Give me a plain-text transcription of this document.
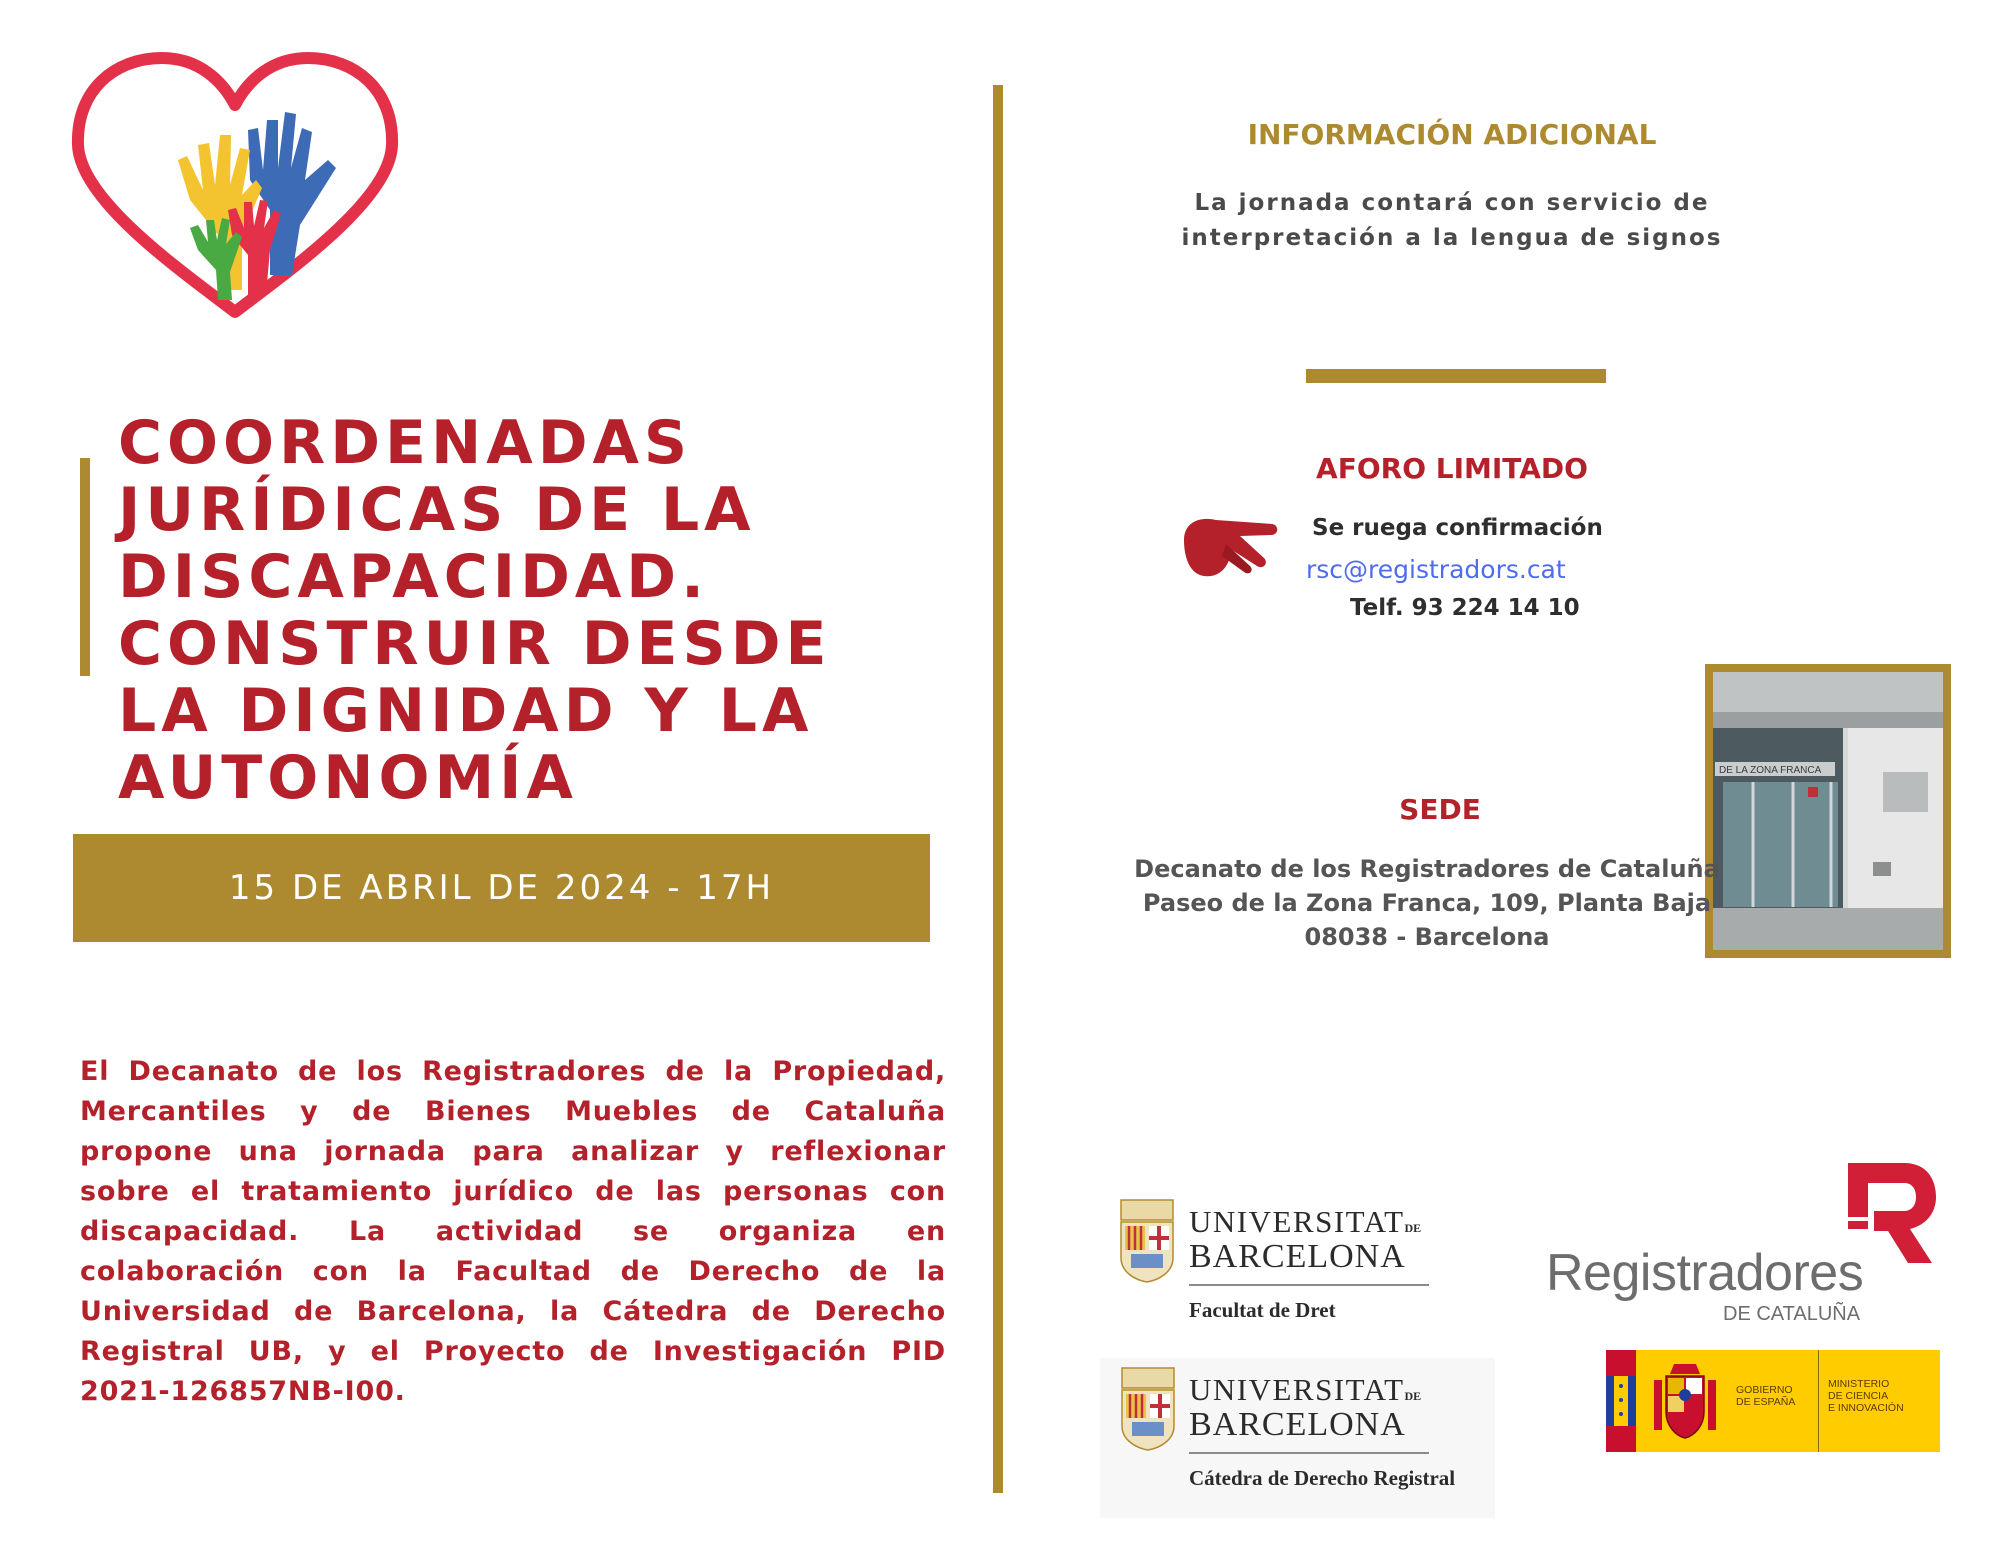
COORDENADAS
JURÍDICAS DE LA
DISCAPACIDAD.
CONSTRUIR DESDE
LA DIGNIDAD Y LA
AUTONOMÍA
15 DE ABRIL DE 2024 - 17H

El Decanato de los Registradores de la Propiedad, Mercantiles y de Bienes Muebles de Cataluña propone una jornada para analizar y reflexionar sobre el tratamiento jurídico de las personas con discapacidad. La actividad se organiza en colaboración con la Facultad de Derecho de la Universidad de Barcelona, la Cátedra de Derecho Registral UB, y el Proyecto de Investigación PID 2021-126857NB-I00.

INFORMACIÓN ADICIONAL
La jornada contará con servicio de
interpretación a la lengua de signos
AFORO LIMITADO

Se ruega confirmación

rsc@registradors.cat

Telf. 93 224 14 10

DE LA ZONA FRANCA
SEDE
Decanato de los Registradores de Cataluña
Paseo de la Zona Franca, 109, Planta Baja
08038 - Barcelona
UNIVERSITATDE
BARCELONA
Facultat de Dret
UNIVERSITATDE
BARCELONA
Cátedra de Derecho Registral
Registradores
DE CATALUÑA
GOBIERNO
DE ESPAÑA
MINISTERIO
DE CIENCIA
E INNOVACIÓN
